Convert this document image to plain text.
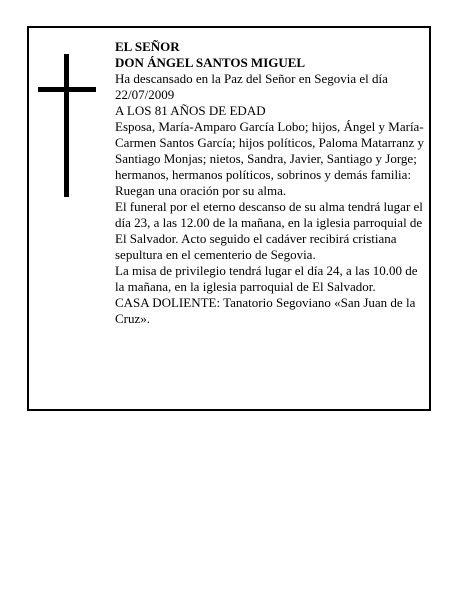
EL SEÑOR

DON ÁNGEL SANTOS MIGUEL

Ha descansado en la Paz del Señor en Segovia el día 22/07/2009

A LOS 81 AÑOS DE EDAD

Esposa, María-Amparo García Lobo; hijos, Ángel y María-Carmen Santos García; hijos políticos, Paloma Matarranz y Santiago Monjas; nietos, Sandra, Javier, Santiago y Jorge; hermanos, hermanos políticos, sobrinos y demás familia:

Ruegan una oración por su alma.

El funeral por el eterno descanso de su alma tendrá lugar el día 23, a las 12.00 de la mañana, en la iglesia parroquial de El Salvador. Acto seguido el cadáver recibirá cristiana sepultura en el cementerio de Segovia.

La misa de privilegio tendrá lugar el día 24, a las 10.00 de la mañana, en la iglesia parroquial de El Salvador.

CASA DOLIENTE: Tanatorio Segoviano «San Juan de la Cruz».
